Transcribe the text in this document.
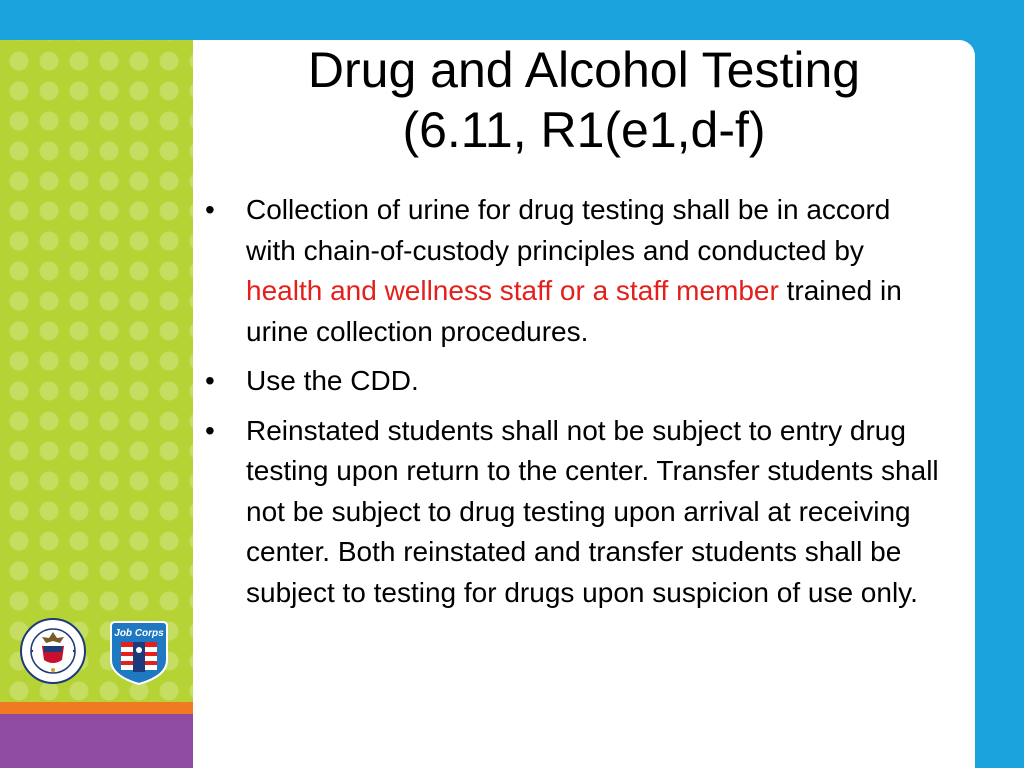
Drug and Alcohol Testing
(6.11, R1(e1,d-f)
• Collection of urine for drug testing shall be in accord with chain-of-custody principles and conducted by health and wellness staff or a staff member trained in urine collection procedures.
• Use the CDD.
• Reinstated students shall not be subject to entry drug testing upon return to the center. Transfer students shall not be subject to drug testing upon arrival at receiving center. Both reinstated and transfer students shall be subject to testing for drugs upon suspicion of use only.
Job Corps
